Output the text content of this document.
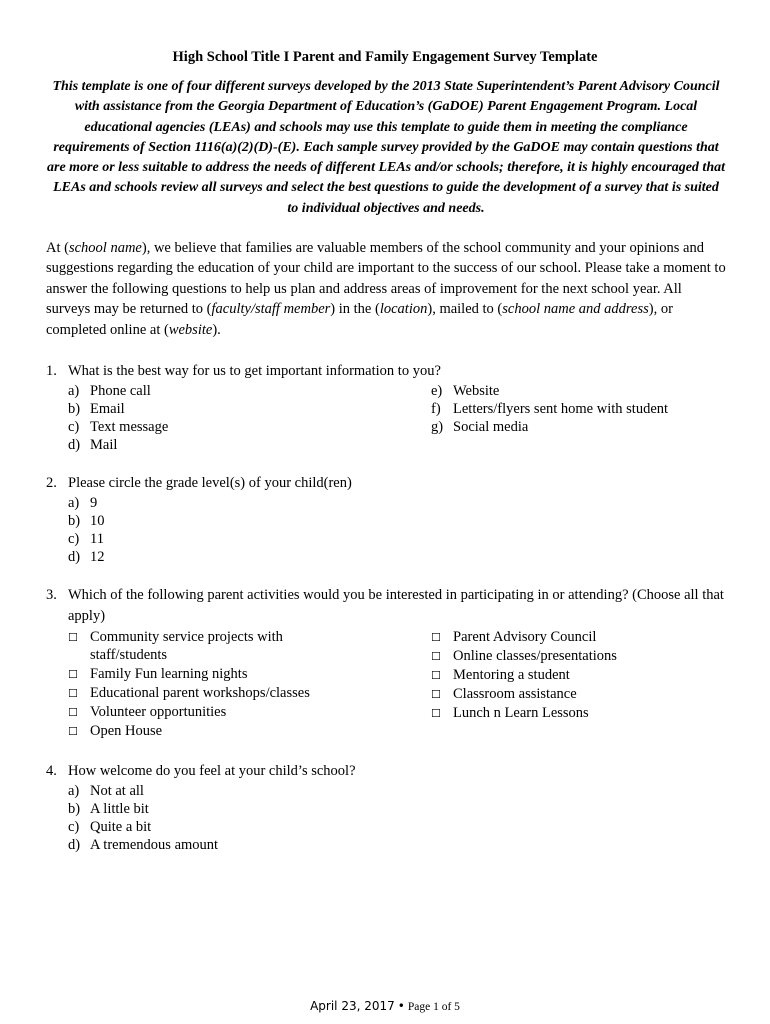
High School Title I Parent and Family Engagement Survey Template
This template is one of four different surveys developed by the 2013 State Superintendent’s Parent Advisory Council with assistance from the Georgia Department of Education’s (GaDOE) Parent Engagement Program. Local educational agencies (LEAs) and schools may use this template to guide them in meeting the compliance requirements of Section 1116(a)(2)(D)-(E). Each sample survey provided by the GaDOE may contain questions that are more or less suitable to address the needs of different LEAs and/or schools; therefore, it is highly encouraged that LEAs and schools review all surveys and select the best questions to guide the development of a survey that is suited to individual objectives and needs.
At (school name), we believe that families are valuable members of the school community and your opinions and suggestions regarding the education of your child are important to the success of our school. Please take a moment to answer the following questions to help us plan and address areas of improvement for the next school year. All surveys may be returned to (faculty/staff member) in the (location), mailed to (school name and address), or completed online at (website).
1. What is the best way for us to get important information to you?
a) Phone call
b) Email
c) Text message
d) Mail
e) Website
f) Letters/flyers sent home with student
g) Social media
2. Please circle the grade level(s) of your child(ren)
a) 9
b) 10
c) 11
d) 12
3. Which of the following parent activities would you be interested in participating in or attending? (Choose all that apply)
☐ Community service projects with
staff/students
☐ Family Fun learning nights
☐ Educational parent workshops/classes
☐ Volunteer opportunities
☐ Open House
☐ Parent Advisory Council
☐ Online classes/presentations
☐ Mentoring a student
☐ Classroom assistance
☐ Lunch n Learn Lessons
4. How welcome do you feel at your child’s school?
a) Not at all
b) A little bit
c) Quite a bit
d) A tremendous amount
April 23, 2017 • Page 1 of 5
